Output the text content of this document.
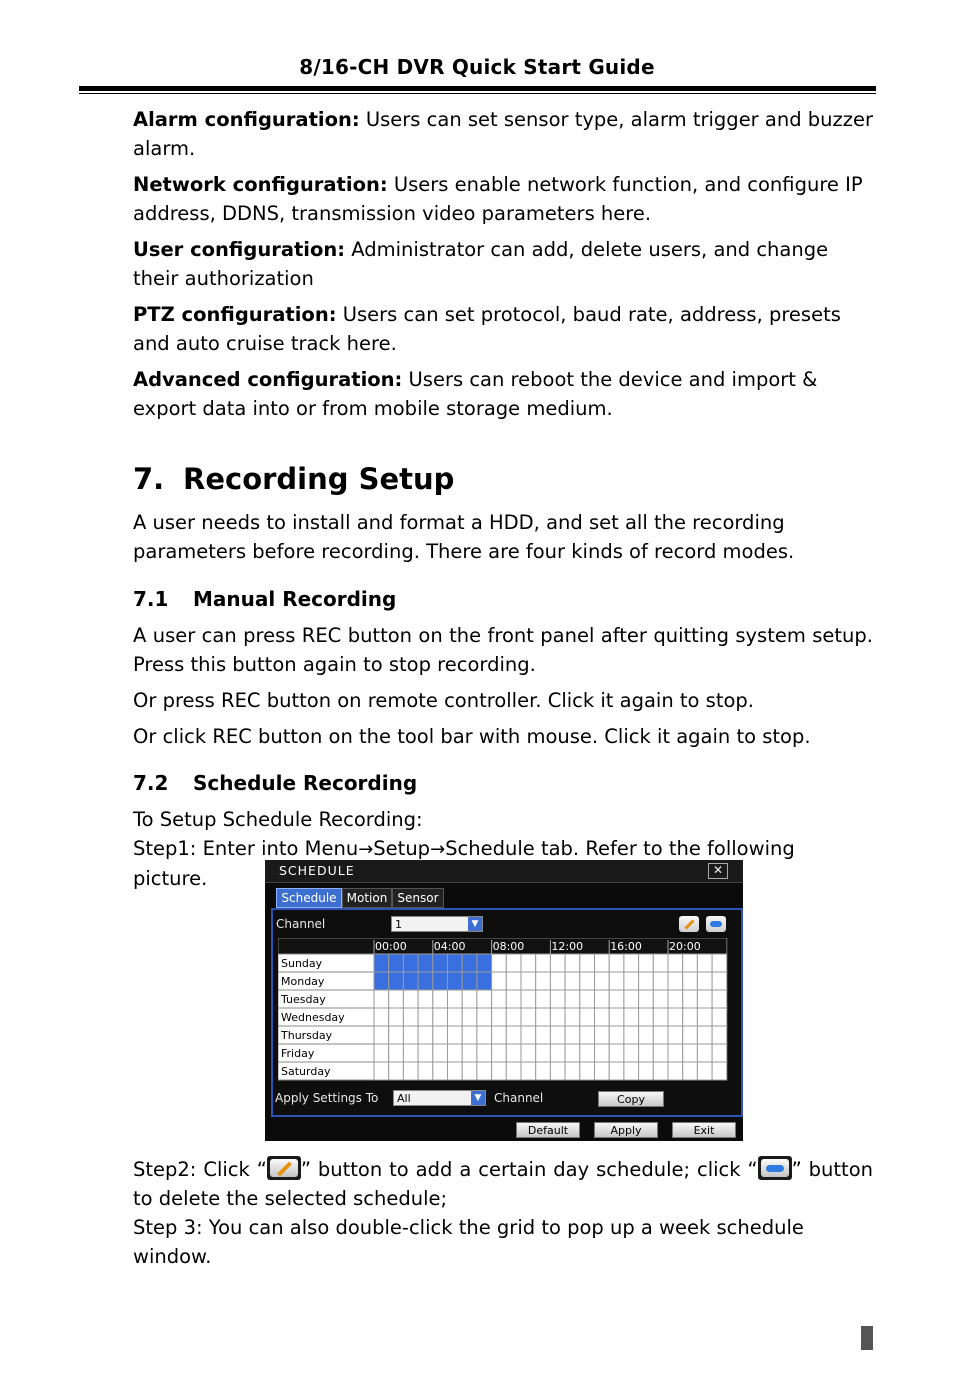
8/16-CH DVR Quick Start Guide

Alarm configuration: Users can set sensor type, alarm trigger and buzzer alarm.

Network configuration: Users enable network function, and configure IP address, DDNS, transmission video parameters here.

User configuration: Administrator can add, delete users, and change their authorization

PTZ configuration: Users can set protocol, baud rate, address, presets and auto cruise track here.

Advanced configuration: Users can reboot the device and import & export data into or from mobile storage medium.

7. Recording Setup

A user needs to install and format a HDD, and set all the recording parameters before recording. There are four kinds of record modes.

7.1 Manual Recording

A user can press REC button on the front panel after quitting system setup. Press this button again to stop recording.

Or press REC button on remote controller. Click it again to stop.

Or click REC button on the tool bar with mouse. Click it again to stop.

7.2 Schedule Recording

To Setup Schedule Recording:

Step1: Enter into Menu→Setup→Schedule tab. Refer to the following picture.	SCHEDULE	✕
Schedule Motion Sensor
Channel	1	▼
00:00 04:00 08:00 12:00 16:00 20:00
Sunday
Monday
Tuesday
Wednesday
Thursday
Friday
Saturday
Apply Settings To	All	▼ Channel	Copy
Default	Apply	Exit

Step2: Click “ ” button to add a certain day schedule; click “ ” button to delete the selected schedule;

Step 3: You can also double-click the grid to pop up a week schedule window.
